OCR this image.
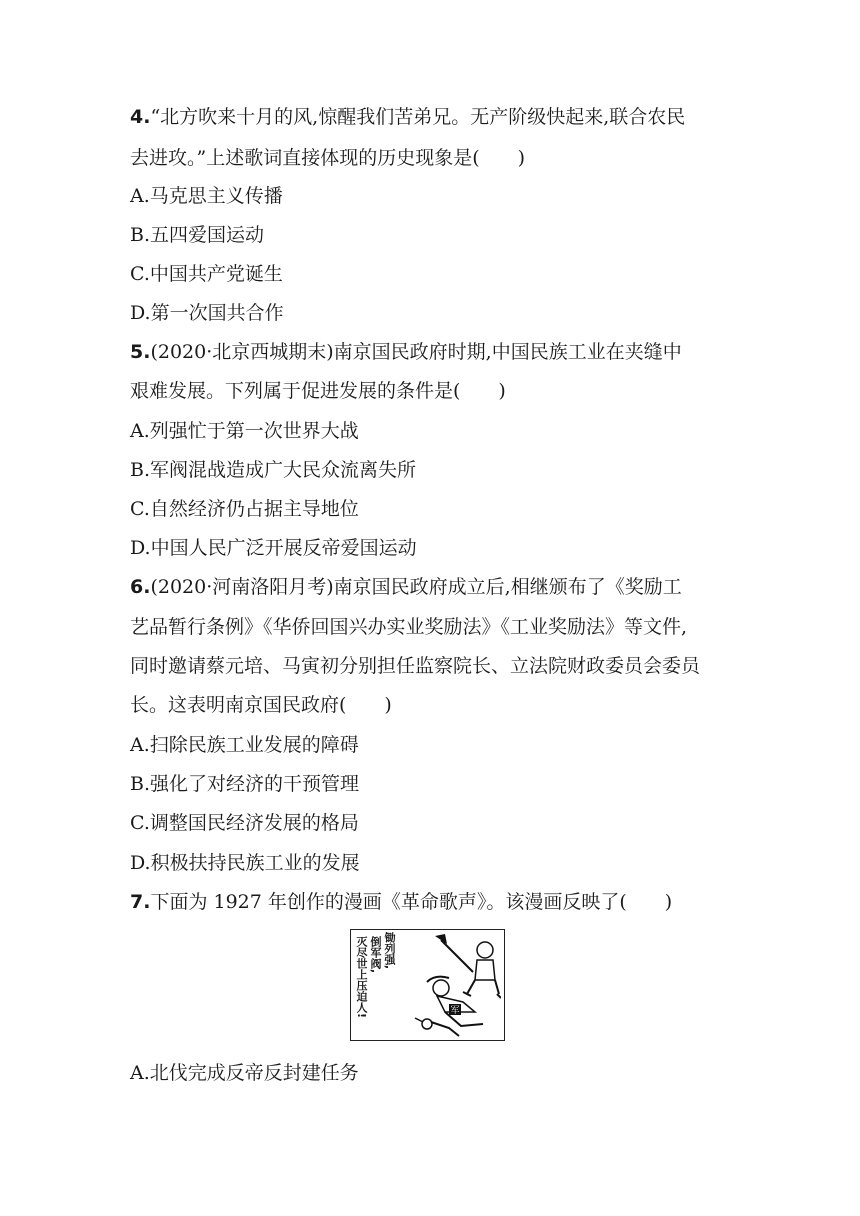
4.“北方吹来十月的风,惊醒我们苦弟兄。无产阶级快起来,联合农民
去进攻。”上述歌词直接体现的历史现象是(　　)
A.马克思主义传播
B.五四爱国运动
C.中国共产党诞生
D.第一次国共合作
5.(2020·北京西城期末)南京国民政府时期,中国民族工业在夹缝中
艰难发展。下列属于促进发展的条件是(　　)
A.列强忙于第一次世界大战
B.军阀混战造成广大民众流离失所
C.自然经济仍占据主导地位
D.中国人民广泛开展反帝爱国运动
6.(2020·河南洛阳月考)南京国民政府成立后,相继颁布了《奖励工
艺品暂行条例》《华侨回国兴办实业奖励法》《工业奖励法》等文件,
同时邀请蔡元培、马寅初分别担任监察院长、立法院财政委员会委员
长。这表明南京国民政府(　　)
A.扫除民族工业发展的障碍
B.强化了对经济的干预管理
C.调整国民经济发展的格局
D.积极扶持民族工业的发展
7.下面为 1927 年创作的漫画《革命歌声》。该漫画反映了(　　)
灭尽世上压迫人! 倒军阀, 锄列强,
军
A.北伐完成反帝反封建任务
